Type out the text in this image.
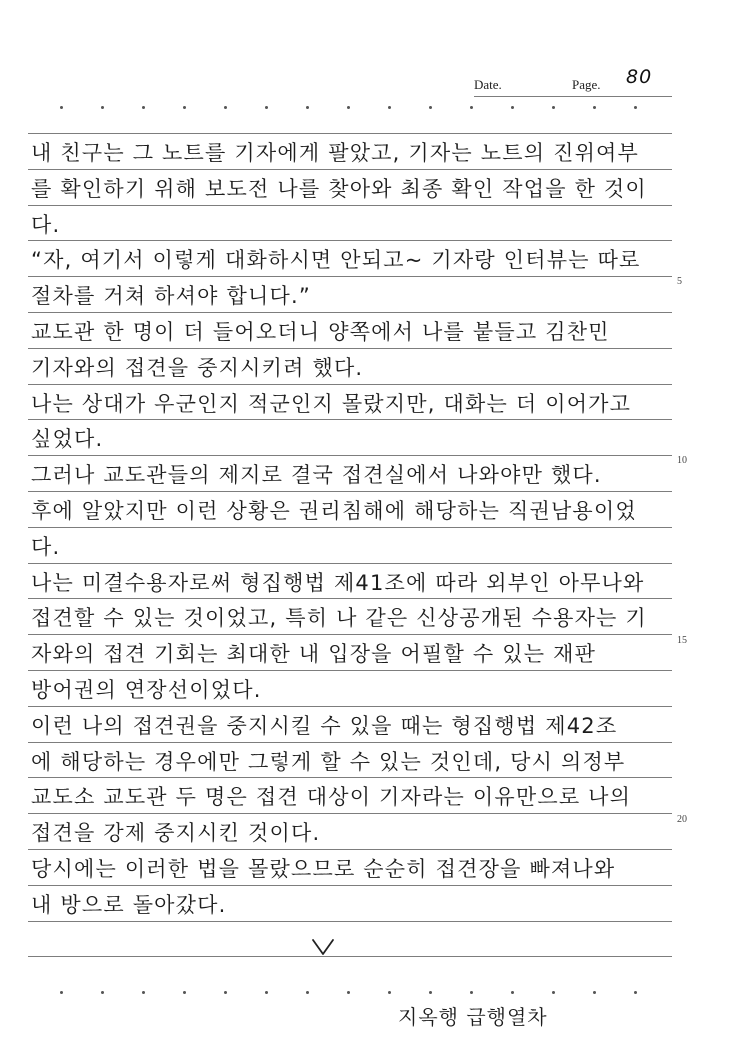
Date.	Page. 80
내 친구는 그 노트를 기자에게 팔았고, 기자는 노트의 진위여부
를 확인하기 위해 보도전 나를 찾아와 최종 확인 작업을 한 것이
다.
“자, 여기서 이렇게 대화하시면 안되고~ 기자랑 인터뷰는 따로
절차를 거쳐 하셔야 합니다.”
교도관 한 명이 더 들어오더니 양쪽에서 나를 붙들고 김찬민
기자와의 접견을 중지시키려 했다.
나는 상대가 우군인지 적군인지 몰랐지만, 대화는 더 이어가고
싶었다.
그러나 교도관들의 제지로 결국 접견실에서 나와야만 했다.
후에 알았지만 이런 상황은 권리침해에 해당하는 직권남용이었
다.
나는 미결수용자로써 형집행법 제41조에 따라 외부인 아무나와
접견할 수 있는 것이었고, 특히 나 같은 신상공개된 수용자는 기
자와의 접견 기회는 최대한 내 입장을 어필할 수 있는 재판
방어권의 연장선이었다.
이런 나의 접견권을 중지시킬 수 있을 때는 형집행법 제42조
에 해당하는 경우에만 그렇게 할 수 있는 것인데, 당시 의정부
교도소 교도관 두 명은 접견 대상이 기자라는 이유만으로 나의
접견을 강제 중지시킨 것이다.
당시에는 이러한 법을 몰랐으므로 순순히 접견장을 빠져나와
내 방으로 돌아갔다.
5
10
15
20
지옥행 급행열차
